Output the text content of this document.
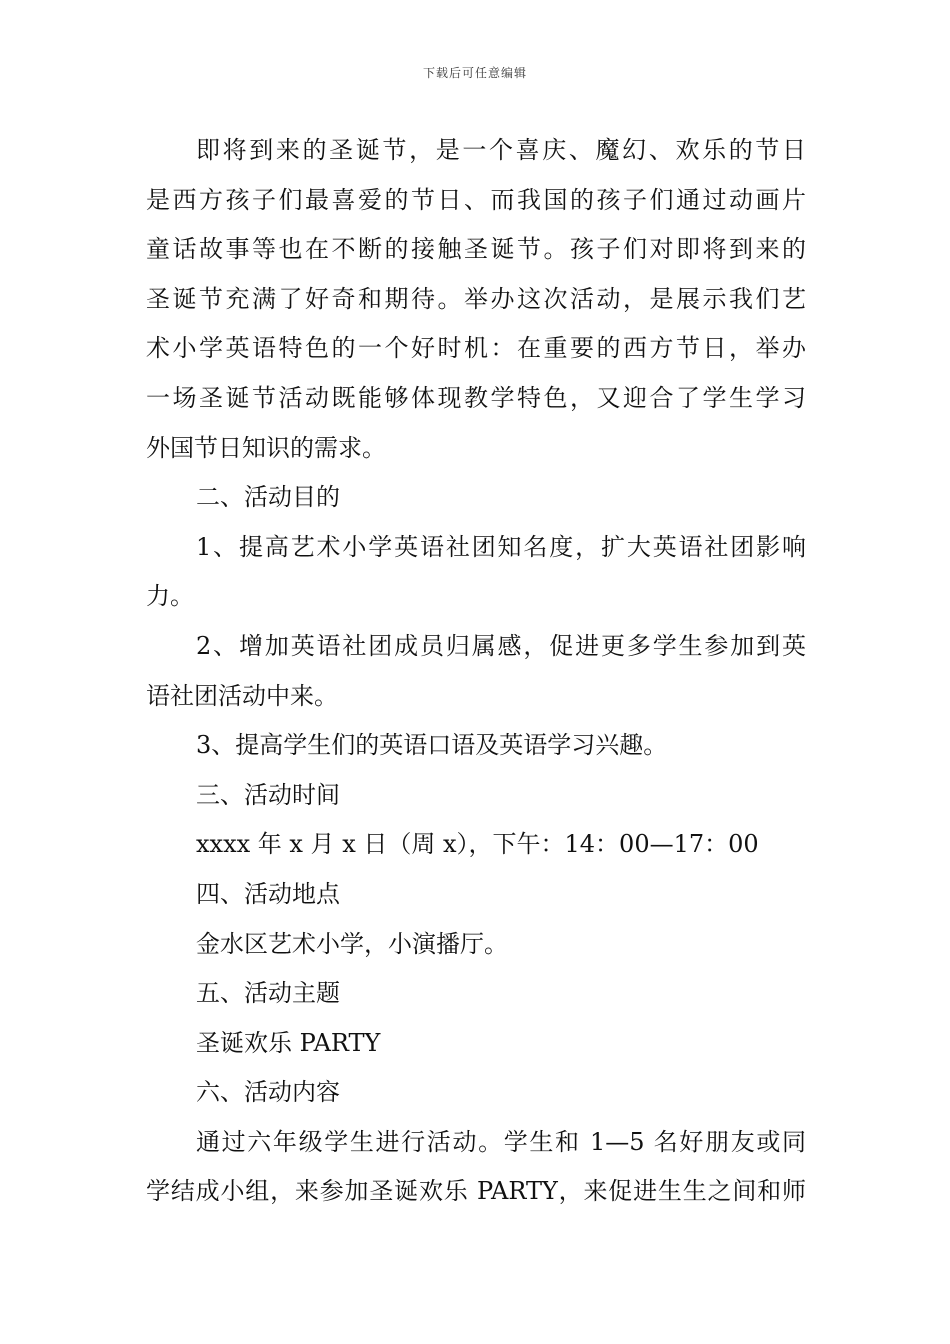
下载后可任意编辑
即将到来的圣诞节，是一个喜庆、魔幻、欢乐的节日
是西方孩子们最喜爱的节日、而我国的孩子们通过动画片
童话故事等也在不断的接触圣诞节。孩子们对即将到来的
圣诞节充满了好奇和期待。举办这次活动，是展示我们艺
术小学英语特色的一个好时机：在重要的西方节日，举办
一场圣诞节活动既能够体现教学特色，又迎合了学生学习
外国节日知识的需求。
二、活动目的
1、提高艺术小学英语社团知名度，扩大英语社团影响
力。
2、增加英语社团成员归属感，促进更多学生参加到英
语社团活动中来。
3、提高学生们的英语口语及英语学习兴趣。
三、活动时间
xxxx 年 x 月 x 日（周 x），下午：14：00—17：00
四、活动地点
金水区艺术小学，小演播厅。
五、活动主题
圣诞欢乐 PARTY
六、活动内容
通过六年级学生进行活动。学生和 1—5 名好朋友或同
学结成小组，来参加圣诞欢乐 PARTY，来促进生生之间和师
